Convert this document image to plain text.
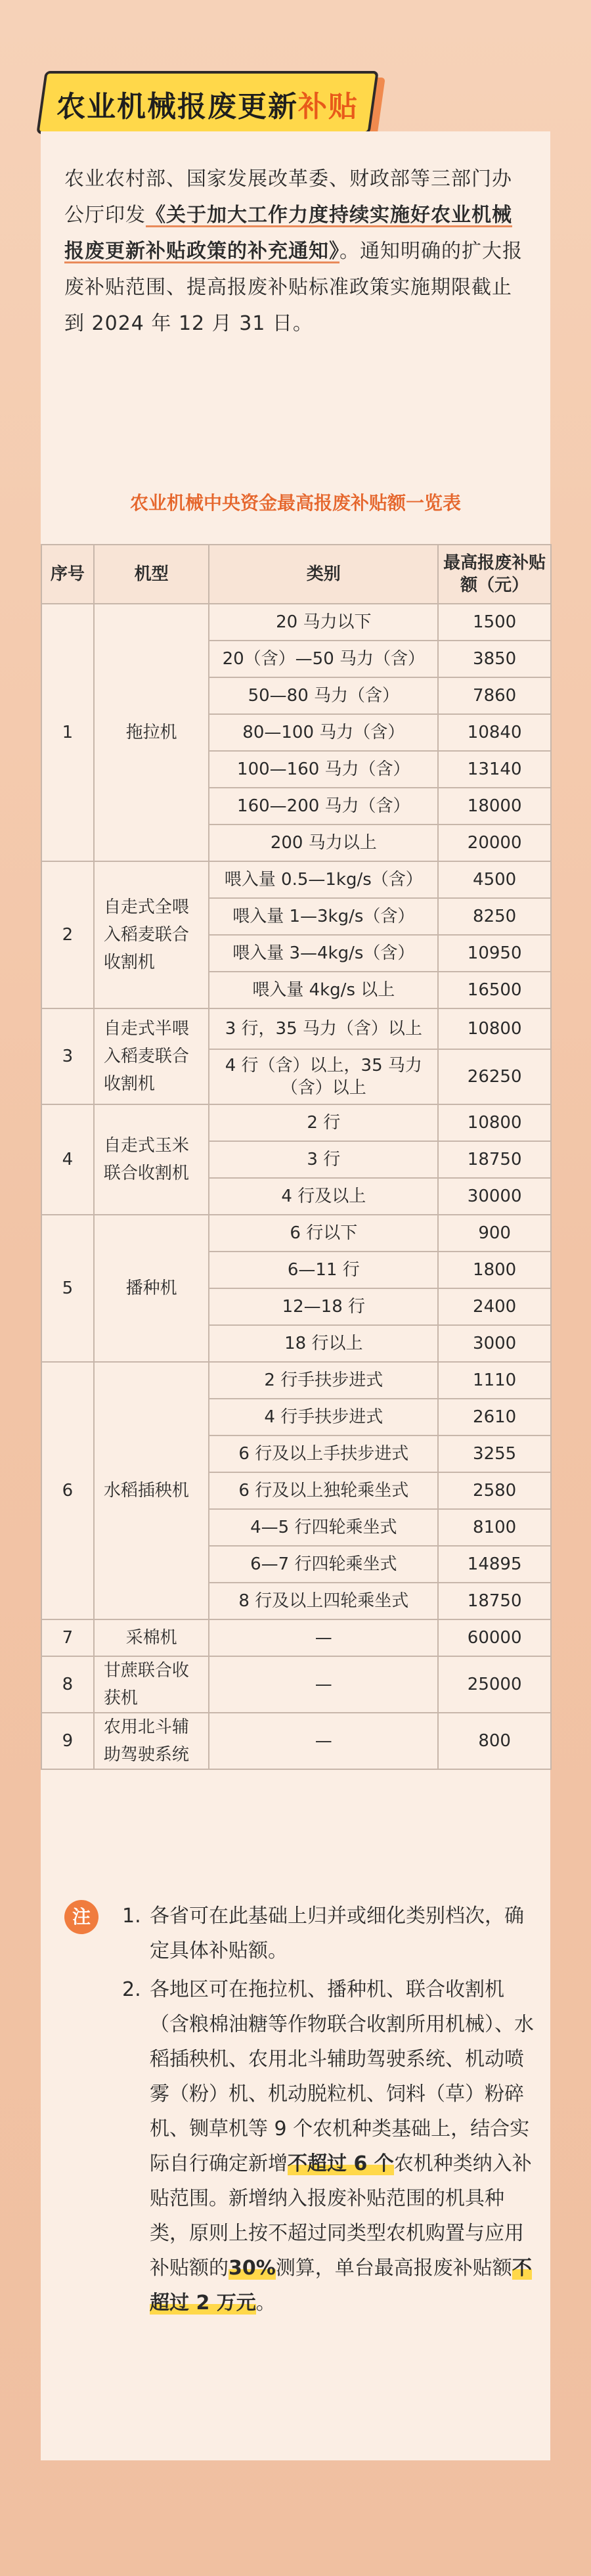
农业机械报废更新补贴
农业农村部、国家发展改革委、财政部等三部门办公厅印发《关于加大工作力度持续实施好农业机械报废更新补贴政策的补充通知》。通知明确的扩大报废补贴范围、提高报废补贴标准政策实施期限截止到 2024 年 12 月 31 日。
农业机械中央资金最高报废补贴额一览表
序号	机型	类别	最高报废补贴额（元）
1	拖拉机	20 马力以下	1500
		20（含）—50 马力（含）	3850
		50—80 马力（含）	7860
		80—100 马力（含）	10840
		100—160 马力（含）	13140
		160—200 马力（含）	18000
		200 马力以上	20000
2	自走式全喂入稻麦联合收割机	喂入量 0.5—1kg/s（含）	4500
		喂入量 1—3kg/s（含）	8250
		喂入量 3—4kg/s（含）	10950
		喂入量 4kg/s 以上	16500
3	自走式半喂入稻麦联合收割机	3 行，35 马力（含）以上	10800
		4 行（含）以上，35 马力（含）以上	26250
4	自走式玉米联合收割机	2 行	10800
		3 行	18750
		4 行及以上	30000
5	播种机	6 行以下	900
		6—11 行	1800
		12—18 行	2400
		18 行以上	3000
6	水稻插秧机	2 行手扶步进式	1110
		4 行手扶步进式	2610
		6 行及以上手扶步进式	3255
		6 行及以上独轮乘坐式	2580
		4—5 行四轮乘坐式	8100
		6—7 行四轮乘坐式	14895
		8 行及以上四轮乘坐式	18750
7	采棉机	—	60000
8	甘蔗联合收获机	—	25000
9	农用北斗辅助驾驶系统	—	800
注	1. 各省可在此基础上归并或细化类别档次，确定具体补贴额。
2. 各地区可在拖拉机、播种机、联合收割机（含粮棉油糖等作物联合收割所用机械）、水稻插秧机、农用北斗辅助驾驶系统、机动喷雾（粉）机、机动脱粒机、饲料（草）粉碎机、铡草机等 9 个农机种类基础上，结合实际自行确定新增不超过 6 个农机种类纳入补贴范围。新增纳入报废补贴范围的机具种类，原则上按不超过同类型农机购置与应用补贴额的30%测算，单台最高报废补贴额不超过 2 万元。
